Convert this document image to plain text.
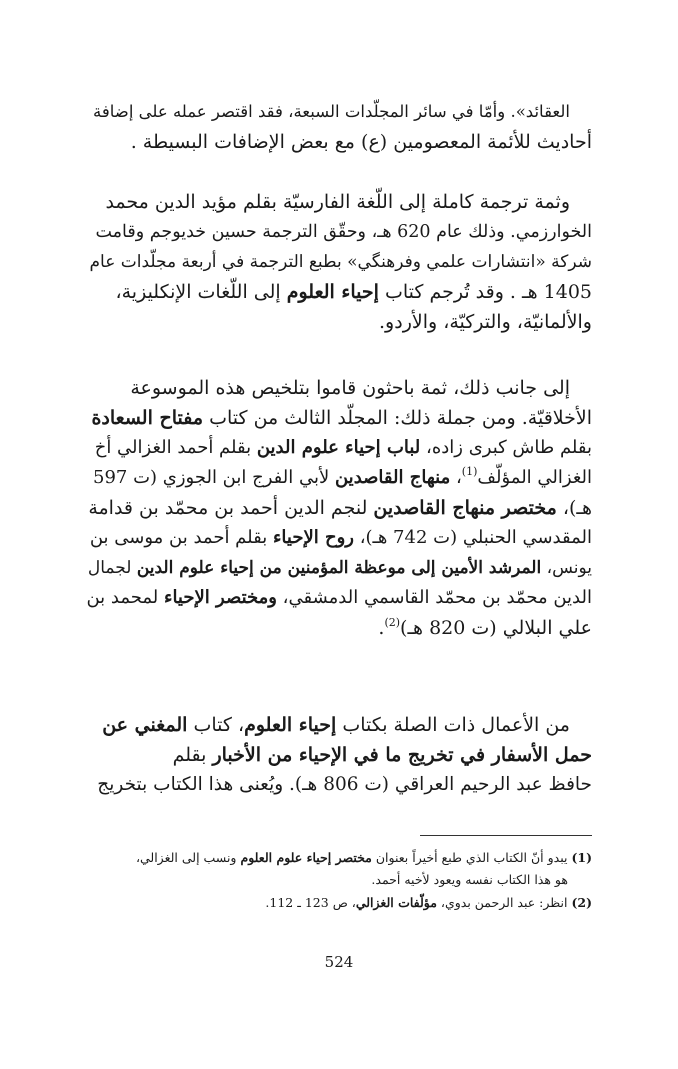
العقائد». وأمّا في سائر المجلّدات السبعة، فقد اقتصر عمله على إضافة
أحاديث للأئمة المعصومين (ع) مع بعض الإضافات البسيطة .
وثمة ترجمة كاملة إلى اللّغة الفارسيّة بقلم مؤيد الدين محمد
الخوارزمي. وذلك عام 620 هـ، وحقّق الترجمة حسين خديوجم وقامت
شركة «انتشارات علمي وفرهنگي» بطبع الترجمة في أربعة مجلّدات عام
1405 هـ . وقد تُرجم كتاب إحياء العلوم إلى اللّغات الإنكليزية،
والألمانيّة، والتركيّة، والأردو.
إلى جانب ذلك، ثمة باحثون قاموا بتلخيص هذه الموسوعة
الأخلاقيّة. ومن جملة ذلك: المجلّد الثالث من كتاب مفتاح السعادة
بقلم طاش كبرى زاده، لباب إحياء علوم الدين بقلم أحمد الغزالي أخ
الغزالي المؤلّف$^{(1)}$، منهاج القاصدين لأبي الفرج ابن الجوزي (ت 597
هـ)، مختصر منهاج القاصدين لنجم الدين أحمد بن محمّد بن قدامة
المقدسي الحنبلي (ت 742 هـ)، روح الإحياء بقلم أحمد بن موسى بن
يونس، المرشد الأمين إلى موعظة المؤمنين من إحياء علوم الدين لجمال
الدين محمّد بن محمّد القاسمي الدمشقي، ومختصر الإحياء لمحمد بن
علي البلالي (ت 820 هـ)$^{(2)}$.
من الأعمال ذات الصلة بكتاب إحياء العلوم، كتاب المغني عن
حمل الأسفار في تخريج ما في الإحياء من الأخبار بقلم
حافظ عبد الرحيم العراقي (ت 806 هـ). ويُعنى هذا الكتاب بتخريج
(1) يبدو أنّ الكتاب الذي طبع أخيراً بعنوان مختصر إحياء علوم العلوم ونسب إلى الغزالي،
هو هذا الكتاب نفسه ويعود لأخيه أحمد.
(2) انظر: عبد الرحمن بدوي، مؤلّفات الغزالي، ص 123 ـ 112.
524
